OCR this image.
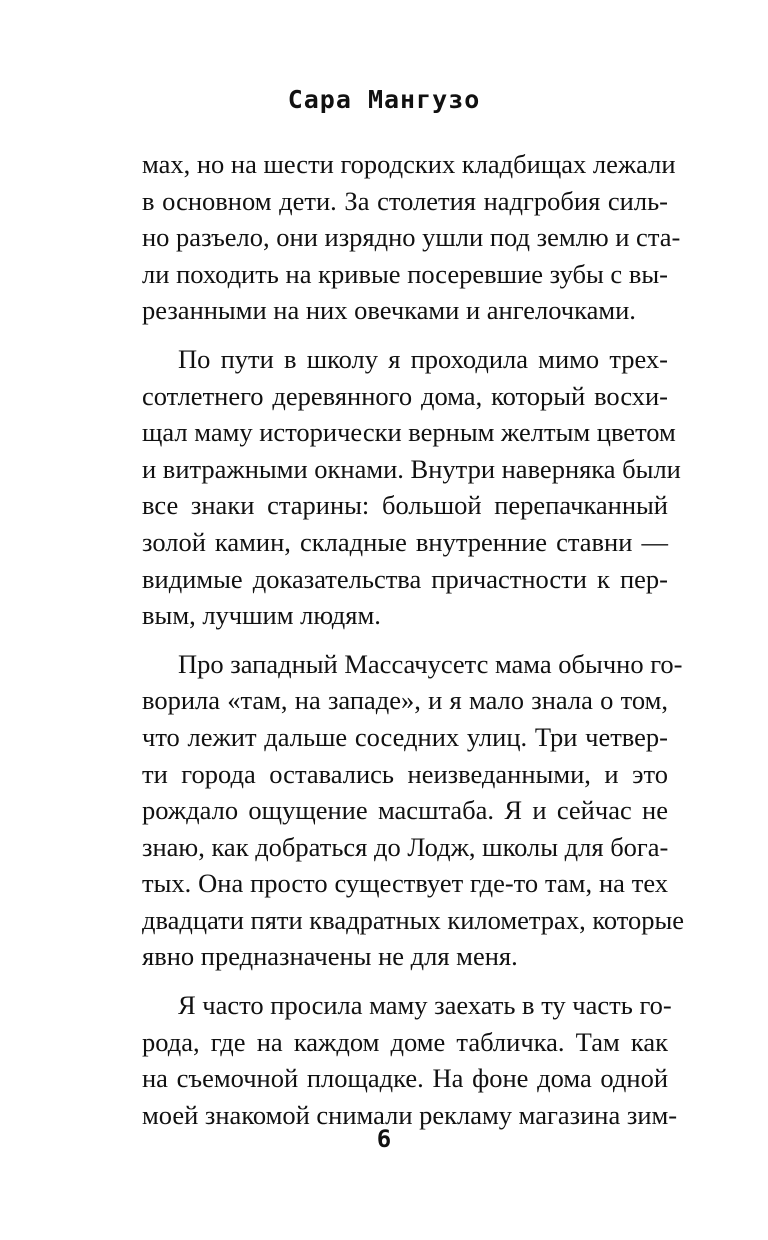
Сара Мангузо
мах, но на шести городских кладбищах лежали
в основном дети. За столетия надгробия силь-
но разъело, они изрядно ушли под землю и ста-
ли походить на кривые посеревшие зубы с вы-
резанными на них овечками и ангелочками.
По пути в школу я проходила мимо трех-
сотлетнего деревянного дома, который восхи-
щал маму исторически верным желтым цветом
и витражными окнами. Внутри наверняка были
все знаки старины: большой перепачканный
золой камин, складные внутренние ставни —
видимые доказательства причастности к пер-
вым, лучшим людям.
Про западный Массачусетс мама обычно го-
ворила «там, на западе», и я мало знала о том,
что лежит дальше соседних улиц. Три четвер-
ти города оставались неизведанными, и это
рождало ощущение масштаба. Я и сейчас не
знаю, как добраться до Лодж, школы для бога-
тых. Она просто существует где-то там, на тех
двадцати пяти квадратных километрах, которые
явно предназначены не для меня.
Я часто просила маму заехать в ту часть го-
рода, где на каждом доме табличка. Там как
на съемочной площадке. На фоне дома одной
моей знакомой снимали рекламу магазина зим-
6
